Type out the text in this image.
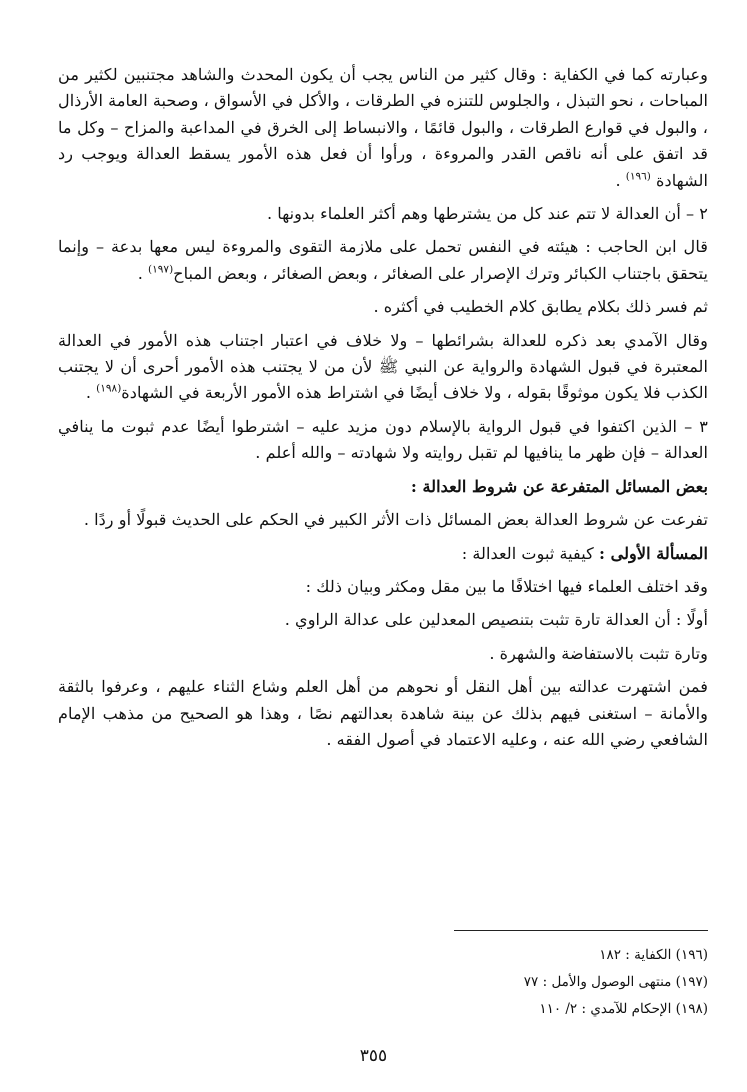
وعبارته كما في الكفاية : وقال كثير من الناس يجب أن يكون المحدث والشاهد مجتنبين لكثير من المباحات ، نحو التبذل ، والجلوس للتنزه في الطرقات ، والأكل في الأسواق ، وصحبة العامة الأرذال ، والبول في قوارع الطرقات ، والبول قائمًا ، والانبساط إلى الخرق في المداعبة والمزاح – وكل ما قد اتفق على أنه ناقص القدر والمروءة ، ورأوا أن فعل هذه الأمور يسقط العدالة ويوجب رد الشهادة $^{(١٩٦)}$ .

٢ – أن العدالة لا تتم عند كل من يشترطها وهم أكثر العلماء بدونها .

قال ابن الحاجب : هيئته في النفس تحمل على ملازمة التقوى والمروءة ليس معها بدعة – وإنما يتحقق باجتناب الكبائر وترك الإصرار على الصغائر ، وبعض الصغائر ، وبعض المباح$^{(١٩٧)}$ .

ثم فسر ذلك بكلام يطابق كلام الخطيب في أكثره .

وقال الآمدي بعد ذكره للعدالة بشرائطها – ولا خلاف في اعتبار اجتناب هذه الأمور في العدالة المعتبرة في قبول الشهادة والرواية عن النبي ﷺ لأن من لا يجتنب هذه الأمور أحرى أن لا يجتنب الكذب فلا يكون موثوقًا بقوله ، ولا خلاف أيضًا في اشتراط هذه الأمور الأربعة في الشهادة$^{(١٩٨)}$ .

٣ – الذين اكتفوا في قبول الرواية بالإسلام دون مزيد عليه – اشترطوا أيضًا عدم ثبوت ما ينافي العدالة – فإن ظهر ما ينافيها لم تقبل روايته ولا شهادته – والله أعلم .

بعض المسائل المتفرعة عن شروط العدالة :

تفرعت عن شروط العدالة بعض المسائل ذات الأثر الكبير في الحكم على الحديث قبولًا أو ردًا .

المسألة الأولى : كيفية ثبوت العدالة :

وقد اختلف العلماء فيها اختلافًا ما بين مقل ومكثر وبيان ذلك :

أولًا : أن العدالة تارة تثبت بتنصيص المعدلين على عدالة الراوي .

وتارة تثبت بالاستفاضة والشهرة .

فمن اشتهرت عدالته بين أهل النقل أو نحوهم من أهل العلم وشاع الثناء عليهم ، وعرفوا بالثقة والأمانة – استغنى فيهم بذلك عن بينة شاهدة بعدالتهم نصًا ، وهذا هو الصحيح من مذهب الإمام الشافعي رضي الله عنه ، وعليه الاعتماد في أصول الفقه .

(١٩٦) الكفاية : ١٨٢
(١٩٧) منتهى الوصول والأمل : ٧٧
(١٩٨) الإحكام للآمدي : ٢/ ١١٠
٣٥٥
